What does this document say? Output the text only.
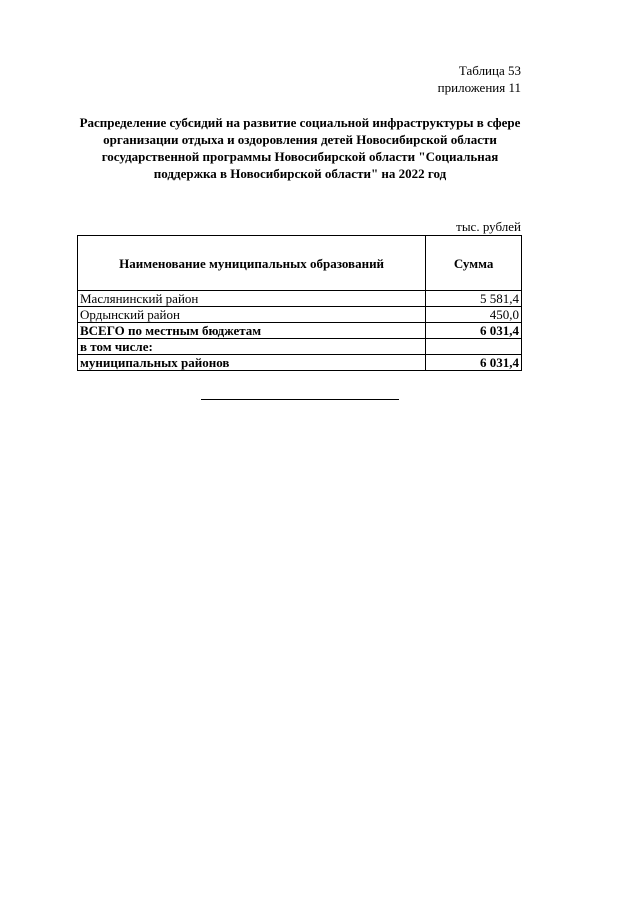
Таблица 53
приложения 11
Распределение субсидий на развитие социальной инфраструктуры в сфере
организации отдыха и оздоровления детей Новосибирской области
государственной программы Новосибирской области "Социальная
поддержка в Новосибирской области" на 2022 год
тыс. рублей
Наименование муниципальных образований	Сумма
Маслянинский район	5 581,4
Ордынский район	450,0
ВСЕГО по местным бюджетам	6 031,4
в том числе:	
муниципальных районов	6 031,4
